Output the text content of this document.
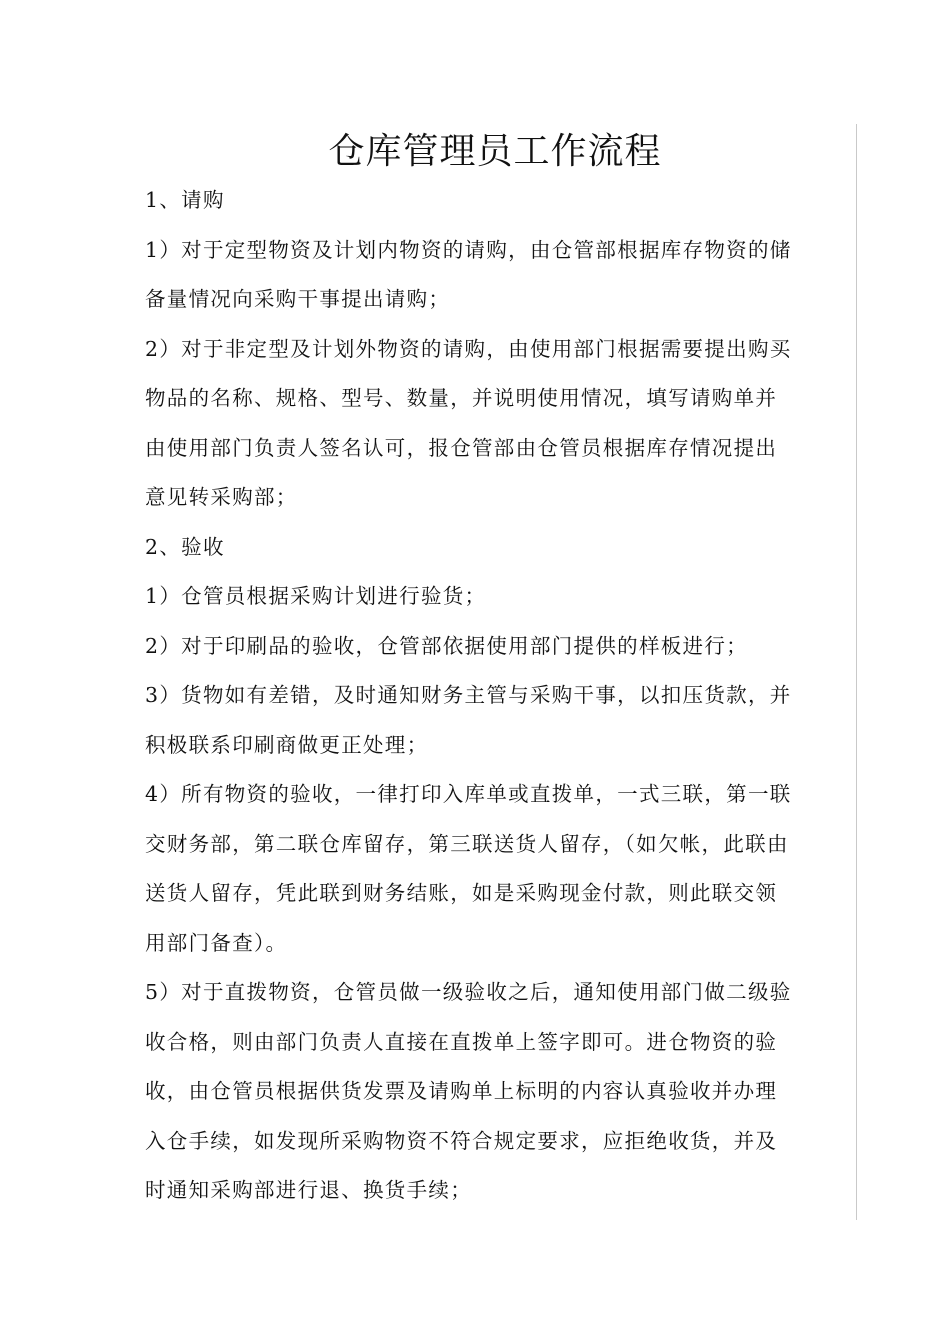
仓库管理员工作流程
1、请购
1）对于定型物资及计划内物资的请购，由仓管部根据库存物资的储
备量情况向采购干事提出请购；
2）对于非定型及计划外物资的请购，由使用部门根据需要提出购买
物品的名称、规格、型号、数量，并说明使用情况，填写请购单并
由使用部门负责人签名认可，报仓管部由仓管员根据库存情况提出
意见转采购部；
2、验收
1）仓管员根据采购计划进行验货；
2）对于印刷品的验收，仓管部依据使用部门提供的样板进行；
3）货物如有差错，及时通知财务主管与采购干事，以扣压货款，并
积极联系印刷商做更正处理；
4）所有物资的验收，一律打印入库单或直拨单，一式三联，第一联
交财务部，第二联仓库留存，第三联送货人留存，（如欠帐，此联由
送货人留存，凭此联到财务结账，如是采购现金付款，则此联交领
用部门备查）。
5）对于直拨物资，仓管员做一级验收之后，通知使用部门做二级验
收合格，则由部门负责人直接在直拨单上签字即可。进仓物资的验
收，由仓管员根据供货发票及请购单上标明的内容认真验收并办理
入仓手续，如发现所采购物资不符合规定要求，应拒绝收货，并及
时通知采购部进行退、换货手续；
